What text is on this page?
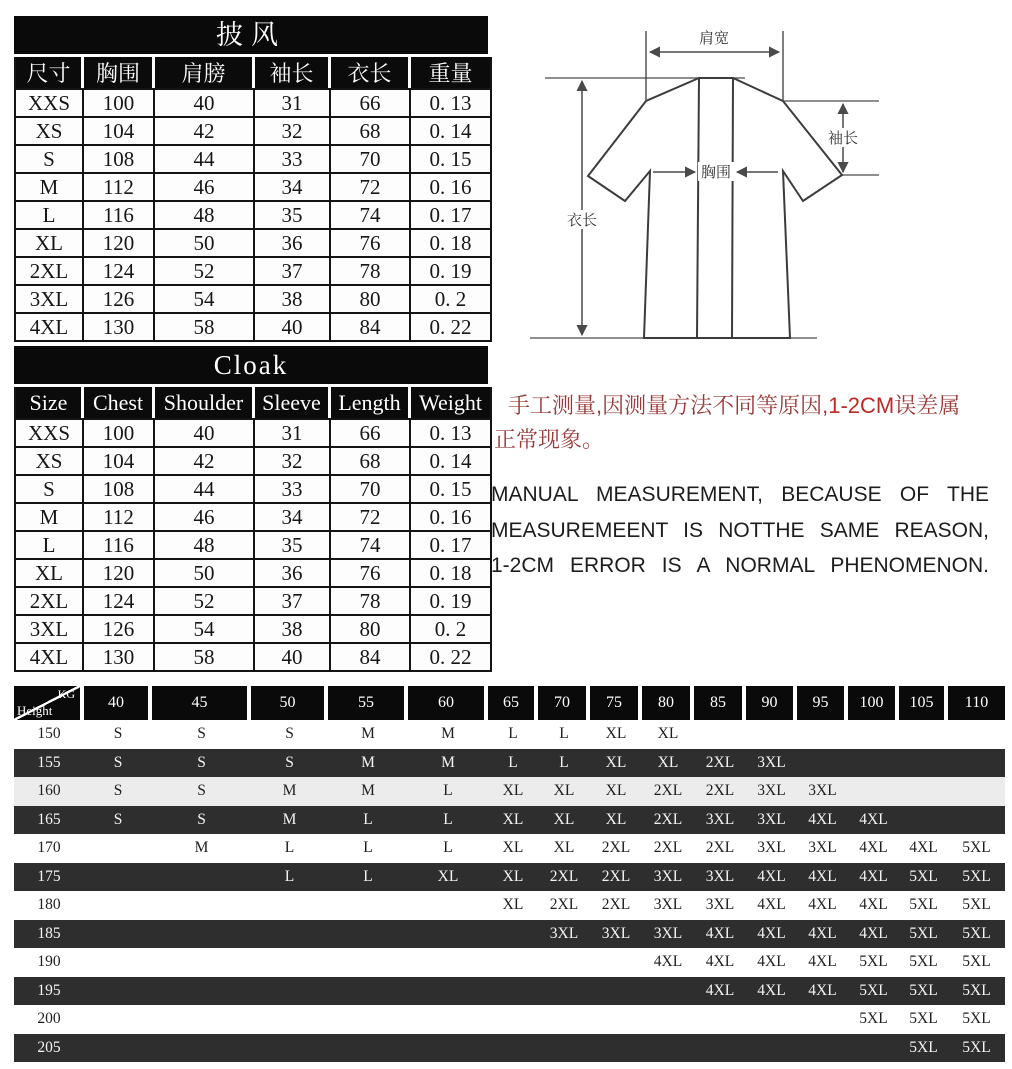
披风
尺寸	胸围	肩膀	袖长	衣长	重量
XXS	100	40	31	66	0. 13
XS	104	42	32	68	0. 14
S	108	44	33	70	0. 15
M	112	46	34	72	0. 16
L	116	48	35	74	0. 17
XL	120	50	36	76	0. 18
2XL	124	52	37	78	0. 19
3XL	126	54	38	80	0. 2
4XL	130	58	40	84	0. 22
Cloak
Size	Chest	Shoulder	Sleeve	Length	Weight
XXS	100	40	31	66	0. 13
XS	104	42	32	68	0. 14
S	108	44	33	70	0. 15
M	112	46	34	72	0. 16
L	116	48	35	74	0. 17
XL	120	50	36	76	0. 18
2XL	124	52	37	78	0. 19
3XL	126	54	38	80	0. 2
4XL	130	58	40	84	0. 22
肩宽
衣长
袖长
胸围

手工测量,因测量方法不同等原因,1-2CM误差属正常现象。

MANUAL MEASUREMENT, BECAUSE OF THE
MEASUREMEENT IS NOTTHE SAME REASON,
1-2CM ERROR IS A NORMAL PHENOMENON.
KG
Height	40	45	50	55	60	65	70	75	80	85	90	95	100	105	110
150	S	S	S	M	M	L	L	XL	XL						
155	S	S	S	M	M	L	L	XL	XL	2XL	3XL				
160	S	S	M	M	L	XL	XL	XL	2XL	2XL	3XL	3XL			
165	S	S	M	L	L	XL	XL	XL	2XL	3XL	3XL	4XL	4XL		
170		M	L	L	L	XL	XL	2XL	2XL	2XL	3XL	3XL	4XL	4XL	5XL
175			L	L	XL	XL	2XL	2XL	3XL	3XL	4XL	4XL	4XL	5XL	5XL
180						XL	2XL	2XL	3XL	3XL	4XL	4XL	4XL	5XL	5XL
185							3XL	3XL	3XL	4XL	4XL	4XL	4XL	5XL	5XL
190									4XL	4XL	4XL	4XL	5XL	5XL	5XL
195										4XL	4XL	4XL	5XL	5XL	5XL
200													5XL	5XL	5XL
205														5XL	5XL
